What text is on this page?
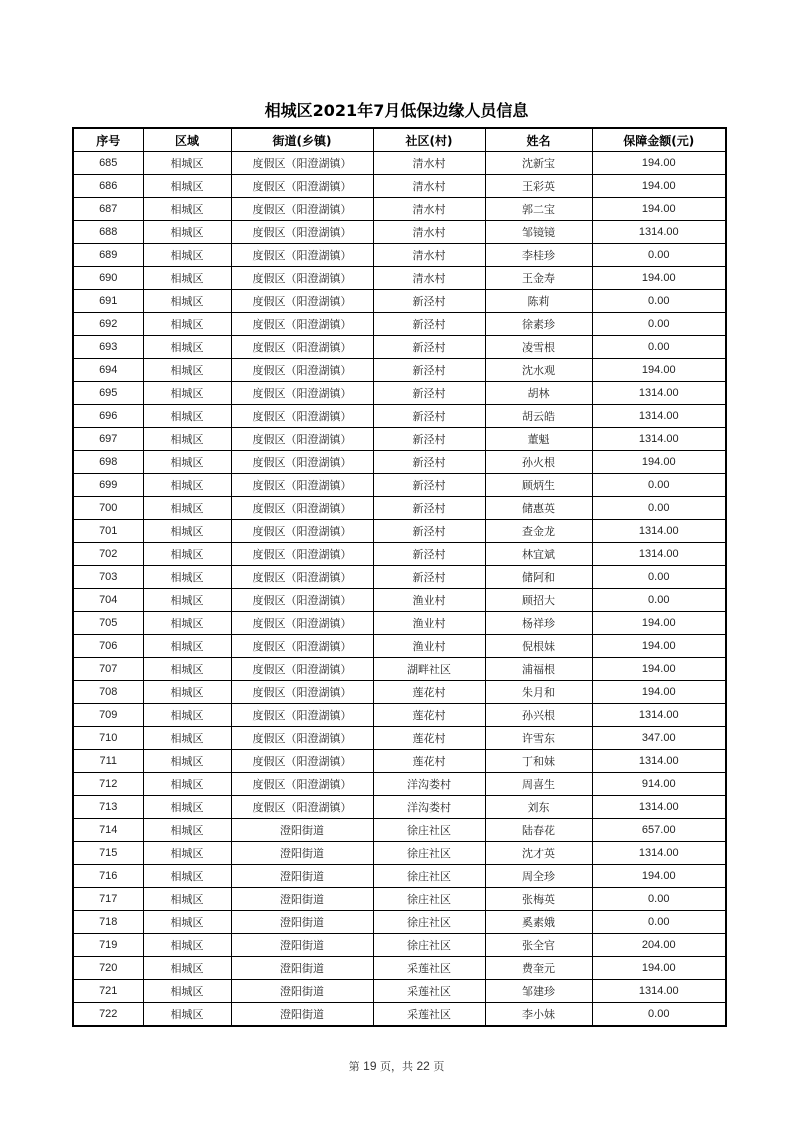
相城区2021年7月低保边缘人员信息
序号	区域	街道(乡镇)	社区(村)	姓名	保障金额(元)
685	相城区	度假区（阳澄湖镇）	清水村	沈新宝	194.00
686	相城区	度假区（阳澄湖镇）	清水村	王彩英	194.00
687	相城区	度假区（阳澄湖镇）	清水村	郭二宝	194.00
688	相城区	度假区（阳澄湖镇）	清水村	邹镜镜	1314.00
689	相城区	度假区（阳澄湖镇）	清水村	李桂珍	0.00
690	相城区	度假区（阳澄湖镇）	清水村	王金寿	194.00
691	相城区	度假区（阳澄湖镇）	新泾村	陈莉	0.00
692	相城区	度假区（阳澄湖镇）	新泾村	徐素珍	0.00
693	相城区	度假区（阳澄湖镇）	新泾村	凌雪根	0.00
694	相城区	度假区（阳澄湖镇）	新泾村	沈水观	194.00
695	相城区	度假区（阳澄湖镇）	新泾村	胡林	1314.00
696	相城区	度假区（阳澄湖镇）	新泾村	胡云皓	1314.00
697	相城区	度假区（阳澄湖镇）	新泾村	董魁	1314.00
698	相城区	度假区（阳澄湖镇）	新泾村	孙火根	194.00
699	相城区	度假区（阳澄湖镇）	新泾村	顾炳生	0.00
700	相城区	度假区（阳澄湖镇）	新泾村	储惠英	0.00
701	相城区	度假区（阳澄湖镇）	新泾村	查金龙	1314.00
702	相城区	度假区（阳澄湖镇）	新泾村	林宜斌	1314.00
703	相城区	度假区（阳澄湖镇）	新泾村	储阿和	0.00
704	相城区	度假区（阳澄湖镇）	渔业村	顾招大	0.00
705	相城区	度假区（阳澄湖镇）	渔业村	杨祥珍	194.00
706	相城区	度假区（阳澄湖镇）	渔业村	倪根妹	194.00
707	相城区	度假区（阳澄湖镇）	湖畔社区	浦福根	194.00
708	相城区	度假区（阳澄湖镇）	莲花村	朱月和	194.00
709	相城区	度假区（阳澄湖镇）	莲花村	孙兴根	1314.00
710	相城区	度假区（阳澄湖镇）	莲花村	许雪东	347.00
711	相城区	度假区（阳澄湖镇）	莲花村	丁和妹	1314.00
712	相城区	度假区（阳澄湖镇）	洋沟娄村	周喜生	914.00
713	相城区	度假区（阳澄湖镇）	洋沟娄村	刘东	1314.00
714	相城区	澄阳街道	徐庄社区	陆春花	657.00
715	相城区	澄阳街道	徐庄社区	沈才英	1314.00
716	相城区	澄阳街道	徐庄社区	周全珍	194.00
717	相城区	澄阳街道	徐庄社区	张梅英	0.00
718	相城区	澄阳街道	徐庄社区	奚素娥	0.00
719	相城区	澄阳街道	徐庄社区	张全官	204.00
720	相城区	澄阳街道	采莲社区	费奎元	194.00
721	相城区	澄阳街道	采莲社区	邹建珍	1314.00
722	相城区	澄阳街道	采莲社区	李小妹	0.00
第 19 页，共 22 页
